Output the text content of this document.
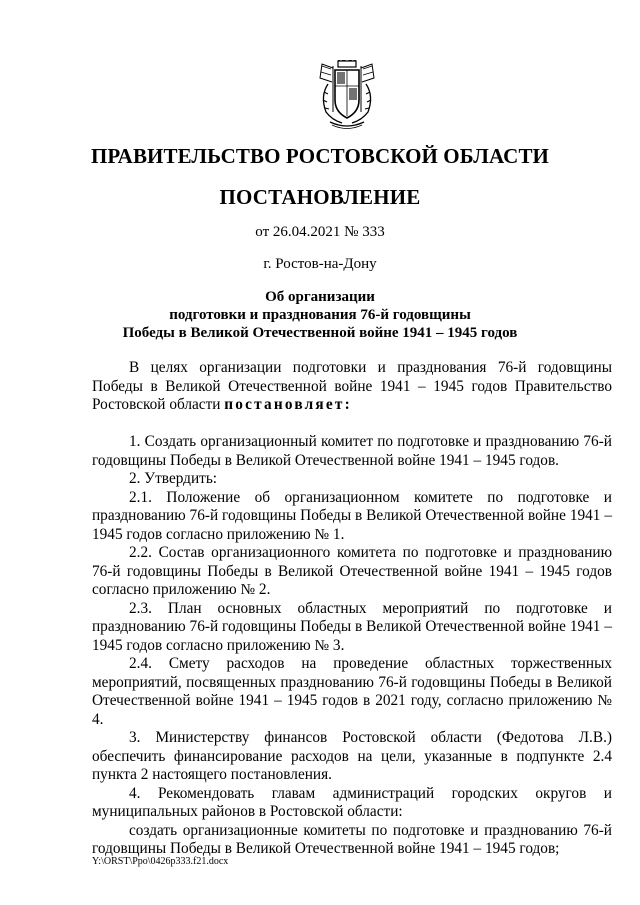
ПРАВИТЕЛЬСТВО РОСТОВСКОЙ ОБЛАСТИ
ПОСТАНОВЛЕНИЕ
от 26.04.2021 № 333
г. Ростов-на-Дону
Об организации
подготовки и празднования 76-й годовщины
Победы в Великой Отечественной войне 1941 – 1945 годов

В целях организации подготовки и празднования 76-й годовщины Победы в Великой Отечественной войне 1941 – 1945 годов Правительство Ростовской области постановляет:

1. Создать организационный комитет по подготовке и празднованию 76-й годовщины Победы в Великой Отечественной войне 1941 – 1945 годов.

2. Утвердить:

2.1. Положение об организационном комитете по подготовке и празднованию 76-й годовщины Победы в Великой Отечественной войне 1941 – 1945 годов согласно приложению № 1.

2.2. Состав организационного комитета по подготовке и празднованию 76-й годовщины Победы в Великой Отечественной войне 1941 – 1945 годов согласно приложению № 2.

2.3. План основных областных мероприятий по подготовке и празднованию 76-й годовщины Победы в Великой Отечественной войне 1941 – 1945 годов согласно приложению № 3.

2.4. Смету расходов на проведение областных торжественных мероприятий, посвященных празднованию 76-й годовщины Победы в Великой Отечественной войне 1941 – 1945 годов в 2021 году, согласно приложению № 4.

3. Министерству финансов Ростовской области (Федотова Л.В.) обеспечить финансирование расходов на цели, указанные в подпункте 2.4 пункта 2 настоящего постановления.

4. Рекомендовать главам администраций городских округов и муниципальных районов в Ростовской области:

создать организационные комитеты по подготовке и празднованию 76-й годовщины Победы в Великой Отечественной войне 1941 – 1945 годов;

Y:\ORST\Ppo\0426p333.f21.docx
